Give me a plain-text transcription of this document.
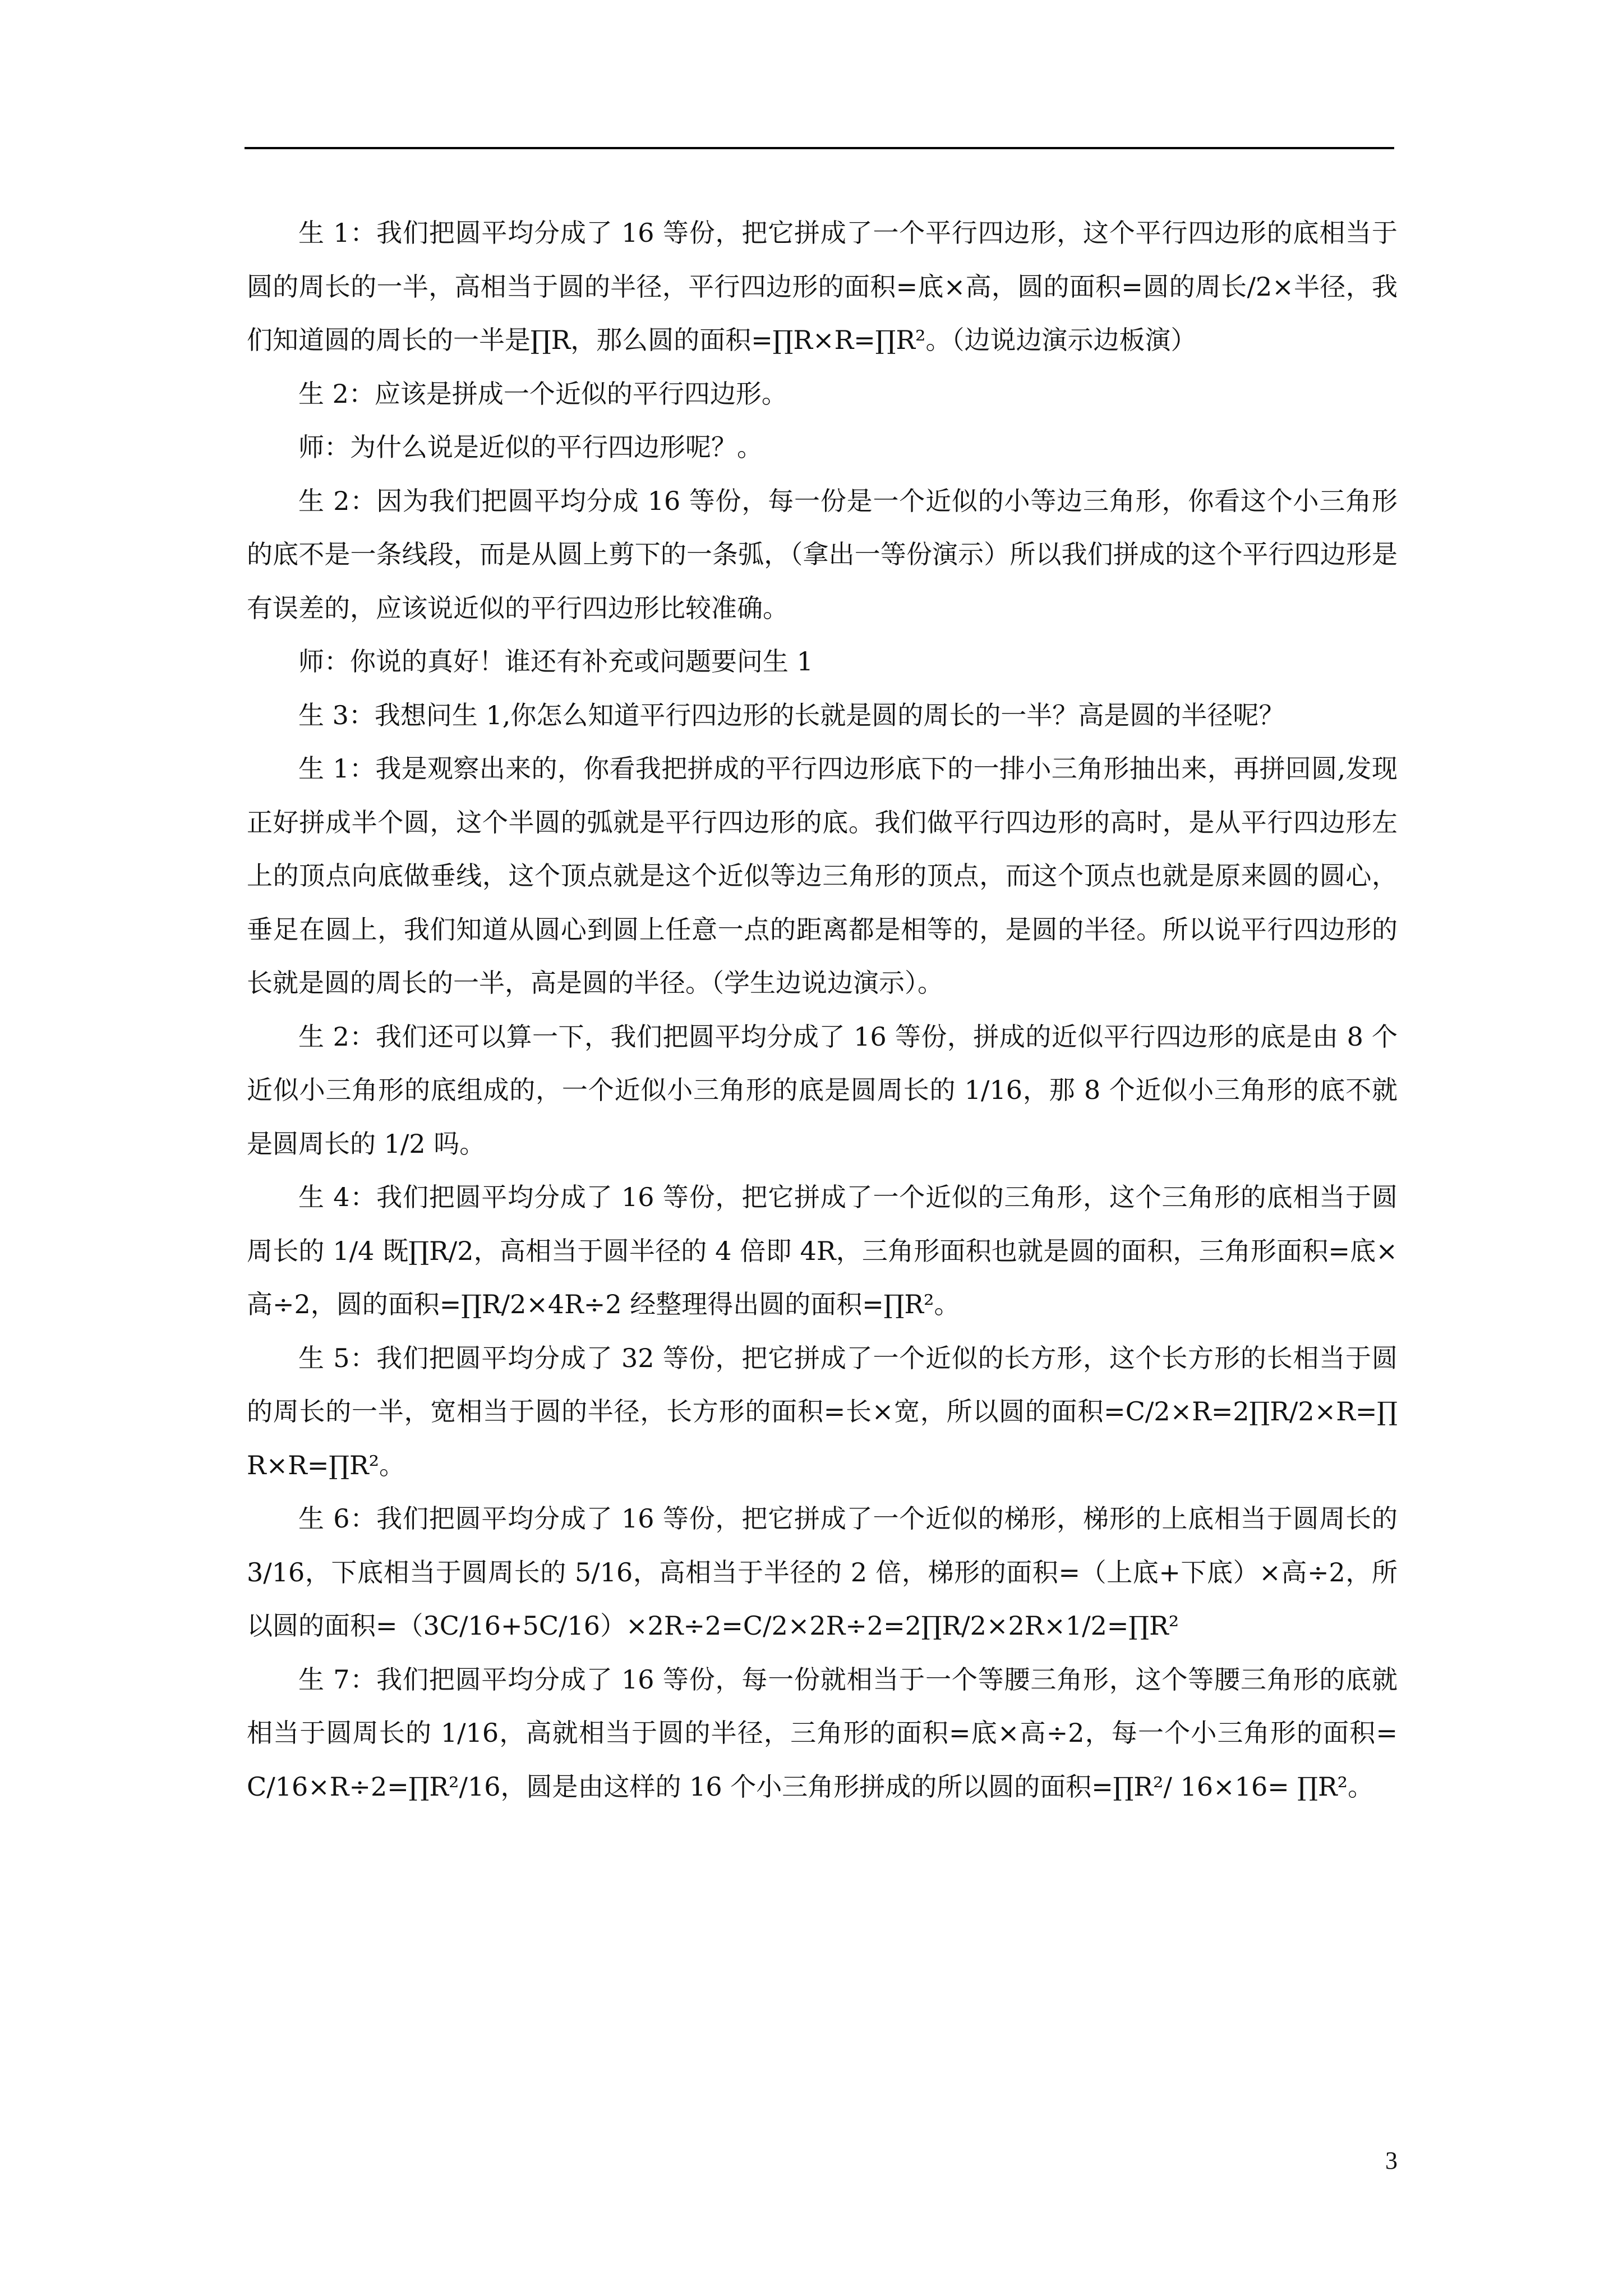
生 1：我们把圆平均分成了 16 等份，把它拼成了一个平行四边形，这个平行四边形的底相当于圆的周长的一半，高相当于圆的半径，平行四边形的面积=底×高，圆的面积=圆的周长/2×半径，我们知道圆的周长的一半是∏R，那么圆的面积=∏R×R=∏R²。（边说边演示边板演）

生 2：应该是拼成一个近似的平行四边形。

师：为什么说是近似的平行四边形呢？。

生 2：因为我们把圆平均分成 16 等份，每一份是一个近似的小等边三角形，你看这个小三角形的底不是一条线段，而是从圆上剪下的一条弧，（拿出一等份演示）所以我们拼成的这个平行四边形是有误差的，应该说近似的平行四边形比较准确。

师：你说的真好！谁还有补充或问题要问生 1

生 3：我想问生 1,你怎么知道平行四边形的长就是圆的周长的一半？高是圆的半径呢？

生 1：我是观察出来的，你看我把拼成的平行四边形底下的一排小三角形抽出来，再拼回圆,发现正好拼成半个圆，这个半圆的弧就是平行四边形的底。我们做平行四边形的高时，是从平行四边形左上的顶点向底做垂线，这个顶点就是这个近似等边三角形的顶点，而这个顶点也就是原来圆的圆心，垂足在圆上，我们知道从圆心到圆上任意一点的距离都是相等的，是圆的半径。所以说平行四边形的长就是圆的周长的一半，高是圆的半径。（学生边说边演示）。

生 2：我们还可以算一下，我们把圆平均分成了 16 等份，拼成的近似平行四边形的底是由 8 个近似小三角形的底组成的，一个近似小三角形的底是圆周长的 1/16，那 8 个近似小三角形的底不就是圆周长的 1/2 吗。

生 4：我们把圆平均分成了 16 等份，把它拼成了一个近似的三角形，这个三角形的底相当于圆周长的 1/4 既∏R/2，高相当于圆半径的 4 倍即 4R，三角形面积也就是圆的面积，三角形面积=底×高÷2，圆的面积=∏R/2×4R÷2 经整理得出圆的面积=∏R²。

生 5：我们把圆平均分成了 32 等份，把它拼成了一个近似的长方形，这个长方形的长相当于圆的周长的一半，宽相当于圆的半径，长方形的面积=长×宽，所以圆的面积=C/2×R=2∏R/2×R=∏R×R=∏R²。

生 6：我们把圆平均分成了 16 等份，把它拼成了一个近似的梯形，梯形的上底相当于圆周长的 3/16，下底相当于圆周长的 5/16，高相当于半径的 2 倍，梯形的面积=（上底+下底）×高÷2，所以圆的面积=（3C/16+5C/16）×2R÷2=C/2×2R÷2=2∏R/2×2R×1/2=∏R²

生 7：我们把圆平均分成了 16 等份，每一份就相当于一个等腰三角形，这个等腰三角形的底就相当于圆周长的 1/16，高就相当于圆的半径，三角形的面积=底×高÷2，每一个小三角形的面积=C/16×R÷2=∏R²/16，圆是由这样的 16 个小三角形拼成的所以圆的面积=∏R²/ 16×16= ∏R²。

3
